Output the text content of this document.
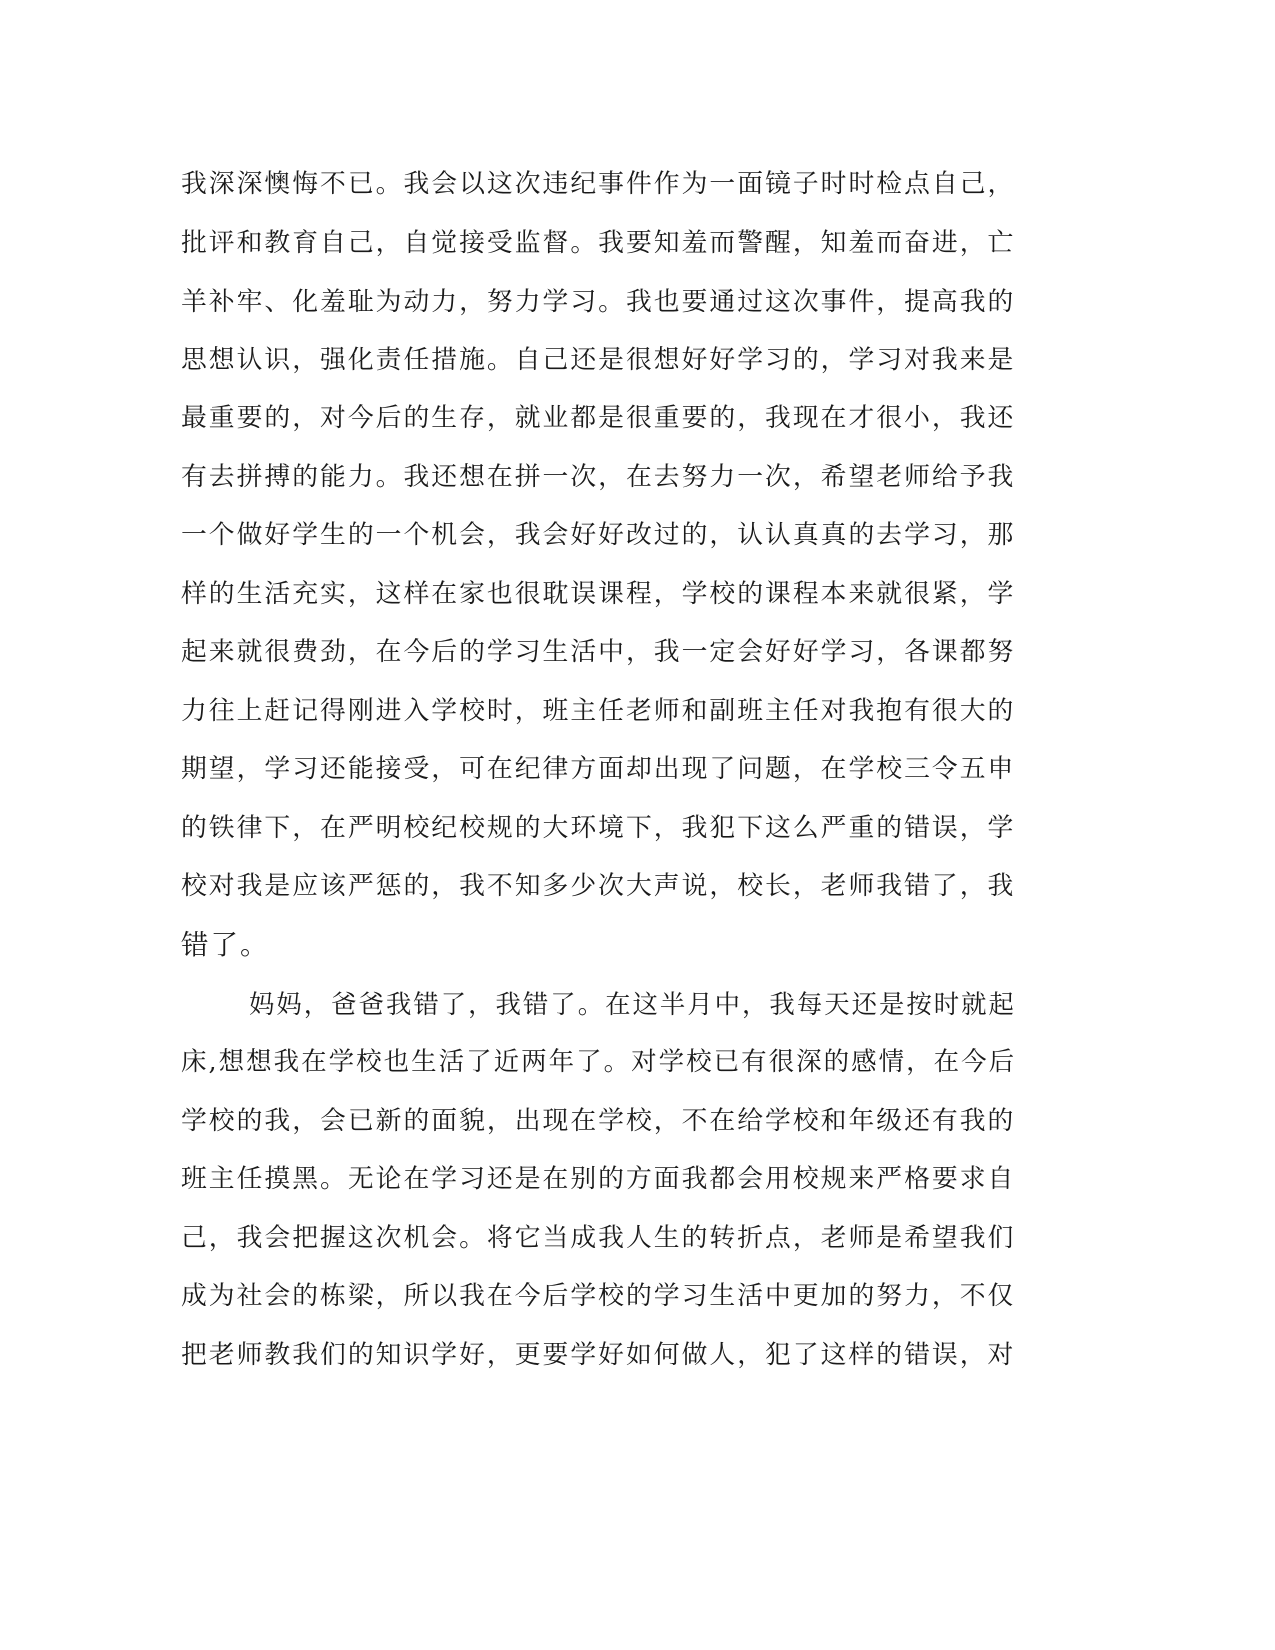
我深深懊悔不已。我会以这次违纪事件作为一面镜子时时检点自己，
批评和教育自己，自觉接受监督。我要知羞而警醒，知羞而奋进，亡
羊补牢、化羞耻为动力，努力学习。我也要通过这次事件，提高我的
思想认识，强化责任措施。自己还是很想好好学习的，学习对我来是
最重要的，对今后的生存，就业都是很重要的，我现在才很小，我还
有去拼搏的能力。我还想在拼一次，在去努力一次，希望老师给予我
一个做好学生的一个机会，我会好好改过的，认认真真的去学习，那
样的生活充实，这样在家也很耽误课程，学校的课程本来就很紧，学
起来就很费劲，在今后的学习生活中，我一定会好好学习，各课都努
力往上赶记得刚进入学校时，班主任老师和副班主任对我抱有很大的
期望，学习还能接受，可在纪律方面却出现了问题，在学校三令五申
的铁律下，在严明校纪校规的大环境下，我犯下这么严重的错误，学
校对我是应该严惩的，我不知多少次大声说，校长，老师我错了，我
错了。
妈妈，爸爸我错了，我错了。在这半月中，我每天还是按时就起
床,想想我在学校也生活了近两年了。对学校已有很深的感情，在今后
学校的我，会已新的面貌，出现在学校，不在给学校和年级还有我的
班主任摸黑。无论在学习还是在别的方面我都会用校规来严格要求自
己，我会把握这次机会。将它当成我人生的转折点，老师是希望我们
成为社会的栋梁，所以我在今后学校的学习生活中更加的努力，不仅
把老师教我们的知识学好，更要学好如何做人，犯了这样的错误，对
